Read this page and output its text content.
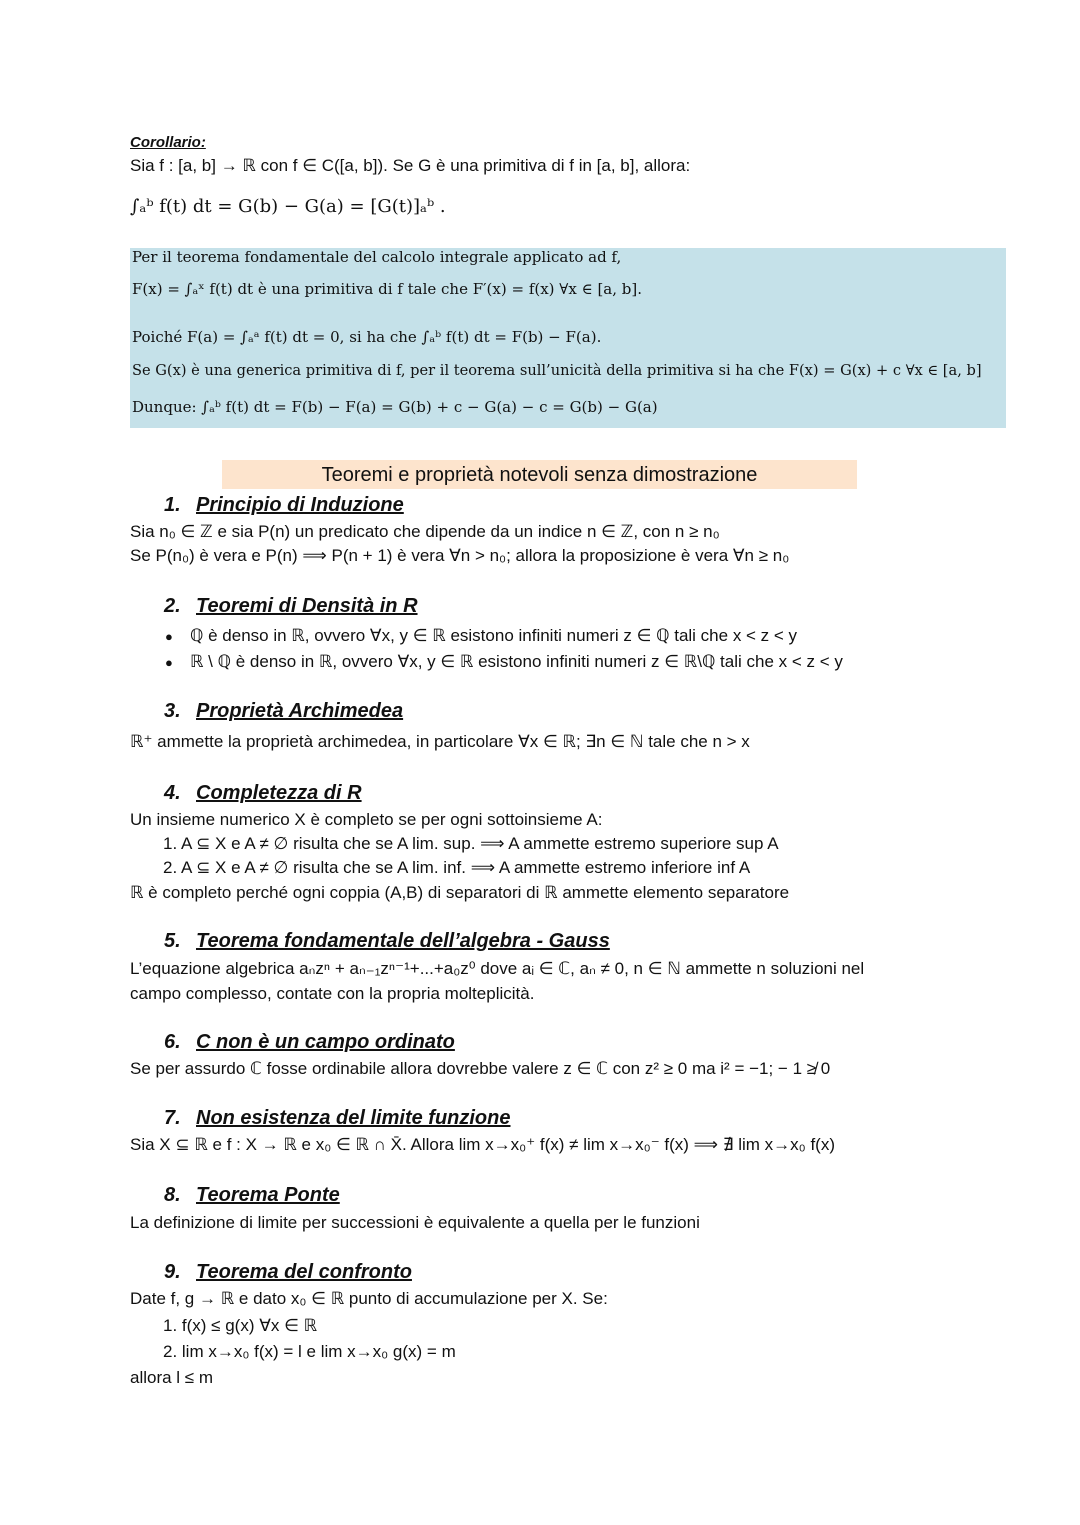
Corollario:
Sia f : [a, b] → ℝ con f ∈ C([a, b]). Se G è una primitiva di f in [a, b], allora:
∫ₐᵇ f(t) dt = G(b) − G(a) = [G(t)]ₐᵇ .
Per il teorema fondamentale del calcolo integrale applicato ad f,
F(x) = ∫ₐˣ f(t) dt è una primitiva di f tale che F′(x) = f(x) ∀x ∈ [a, b].
Poiché F(a) = ∫ₐᵃ f(t) dt = 0, si ha che ∫ₐᵇ f(t) dt = F(b) − F(a).
Se G(x) è una generica primitiva di f, per il teorema sull’unicità della primitiva si ha che F(x) = G(x) + c ∀x ∈ [a, b]
Dunque: ∫ₐᵇ f(t) dt = F(b) − F(a) = G(b) + c − G(a) − c = G(b) − G(a)
Teoremi e proprietà notevoli senza dimostrazione
1. Principio di Induzione
Sia n₀ ∈ ℤ e sia P(n) un predicato che dipende da un indice n ∈ ℤ, con n ≥ n₀
Se P(n₀) è vera e P(n) ⟹ P(n + 1) è vera ∀n > n₀; allora la proposizione è vera ∀n ≥ n₀
2. Teoremi di Densità in R
● ℚ è denso in ℝ, ovvero ∀x, y ∈ ℝ esistono infiniti numeri z ∈ ℚ tali che x < z < y
● ℝ \ ℚ è denso in ℝ, ovvero ∀x, y ∈ ℝ esistono infiniti numeri z ∈ ℝ\ℚ tali che x < z < y
3. Proprietà Archimedea
ℝ⁺ ammette la proprietà archimedea, in particolare ∀x ∈ ℝ; ∃n ∈ ℕ tale che n > x
4. Completezza di R
Un insieme numerico X è completo se per ogni sottoinsieme A:
1. A ⊆ X e A ≠ ∅ risulta che se A lim. sup. ⟹ A ammette estremo superiore sup A
2. A ⊆ X e A ≠ ∅ risulta che se A lim. inf. ⟹ A ammette estremo inferiore inf A
ℝ è completo perché ogni coppia (A,B) di separatori di ℝ ammette elemento separatore
5. Teorema fondamentale dell’algebra - Gauss
L’equazione algebrica aₙzⁿ + aₙ₋₁zⁿ⁻¹+...+a₀z⁰ dove aᵢ ∈ ℂ, aₙ ≠ 0, n ∈ ℕ ammette n soluzioni nel
campo complesso, contate con la propria molteplicità.
6. C non è un campo ordinato
Se per assurdo ℂ fosse ordinabile allora dovrebbe valere z ∈ ℂ con z² ≥ 0 ma i² = −1; − 1 ≱ 0
7. Non esistenza del limite funzione
Sia X ⊆ ℝ e f : X → ℝ e x₀ ∈ ℝ ∩ X̄. Allora lim x→x₀⁺ f(x) ≠ lim x→x₀⁻ f(x) ⟹ ∄ lim x→x₀ f(x)
8. Teorema Ponte
La definizione di limite per successioni è equivalente a quella per le funzioni
9. Teorema del confronto
Date f, g → ℝ e dato x₀ ∈ ℝ punto di accumulazione per X. Se:
1. f(x) ≤ g(x) ∀x ∈ ℝ
2. lim x→x₀ f(x) = l e lim x→x₀ g(x) = m
allora l ≤ m
